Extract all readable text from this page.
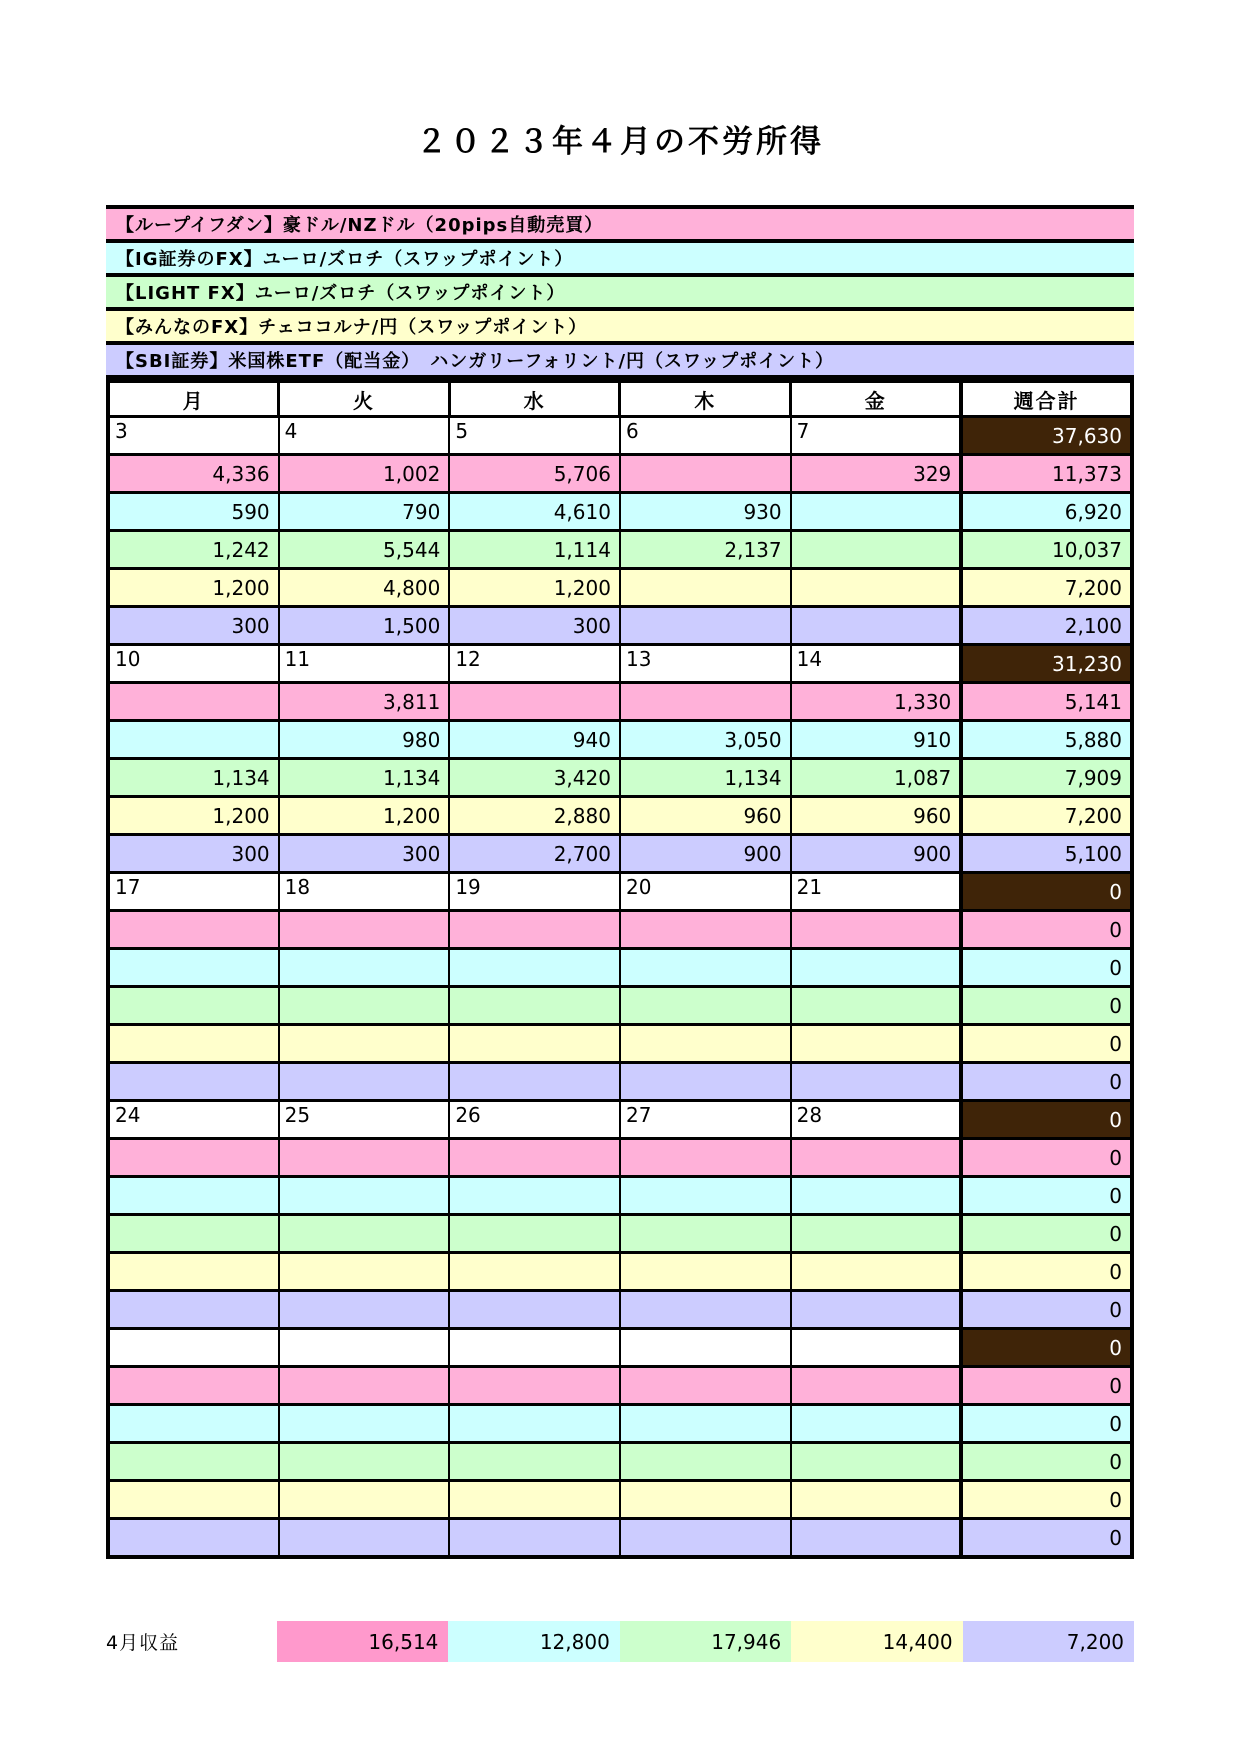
２０２３年４月の不労所得
【ループイフダン】豪ドル/NZドル（20pips自動売買）
【IG証券のFX】ユーロ/ズロチ（スワップポイント）
【LIGHT FX】ユーロ/ズロチ（スワップポイント）
【みんなのFX】チェココルナ/円（スワップポイント）
【SBI証券】米国株ETF（配当金）　ハンガリーフォリント/円（スワップポイント）
月	火	水	木	金	週合計
3	4	5	6	7	37,630
4,336	1,002	5,706		329	11,373
590	790	4,610	930		6,920
1,242	5,544	1,114	2,137		10,037
1,200	4,800	1,200			7,200
300	1,500	300			2,100
10	11	12	13	14	31,230
	3,811			1,330	5,141
	980	940	3,050	910	5,880
1,134	1,134	3,420	1,134	1,087	7,909
1,200	1,200	2,880	960	960	7,200
300	300	2,700	900	900	5,100
17	18	19	20	21	0
					0
					0
					0
					0
					0
24	25	26	27	28	0
					0
					0
					0
					0
					0
					0
					0
					0
					0
					0
					0
4月収益	16,514	12,800	17,946	14,400	7,200
